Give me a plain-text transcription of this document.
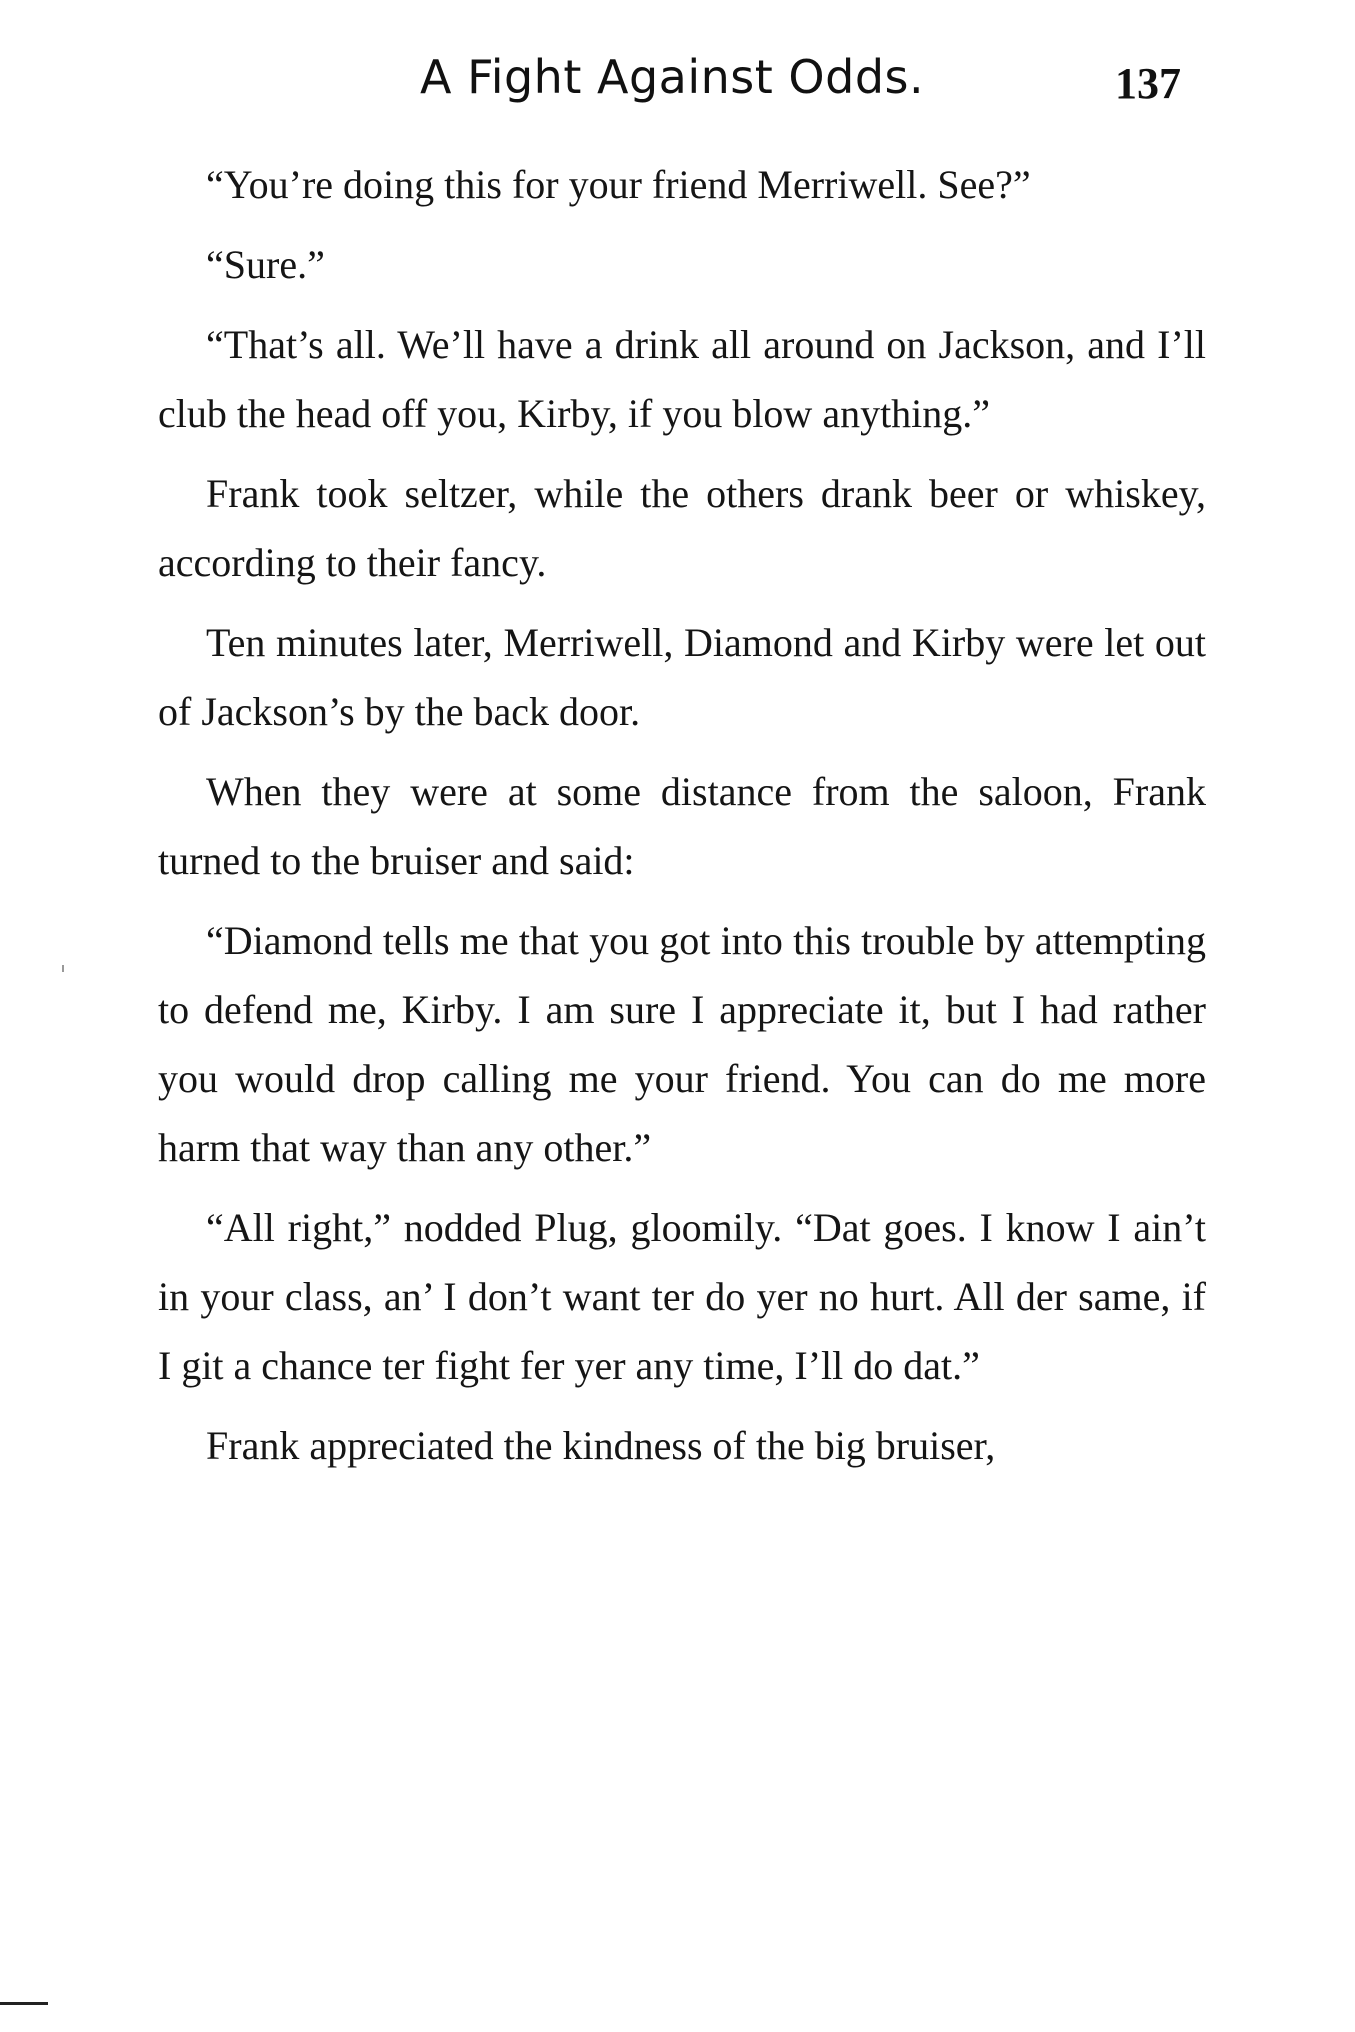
A Fight Against Odds.	137

“You’re doing this for your friend Merriwell. See?”

“Sure.”

“That’s all. We’ll have a drink all around on Jackson, and I’ll club the head off you, Kirby, if you blow anything.”

Frank took seltzer, while the others drank beer or whiskey, according to their fancy.

Ten minutes later, Merriwell, Diamond and Kirby were let out of Jackson’s by the back door.

When they were at some distance from the saloon, Frank turned to the bruiser and said:

“Diamond tells me that you got into this trouble by attempting to defend me, Kirby. I am sure I appreciate it, but I had rather you would drop calling me your friend. You can do me more harm that way than any other.”

“All right,” nodded Plug, gloomily. “Dat goes. I know I ain’t in your class, an’ I don’t want ter do yer no hurt. All der same, if I git a chance ter fight fer yer any time, I’ll do dat.”

Frank appreciated the kindness of the big bruiser,
